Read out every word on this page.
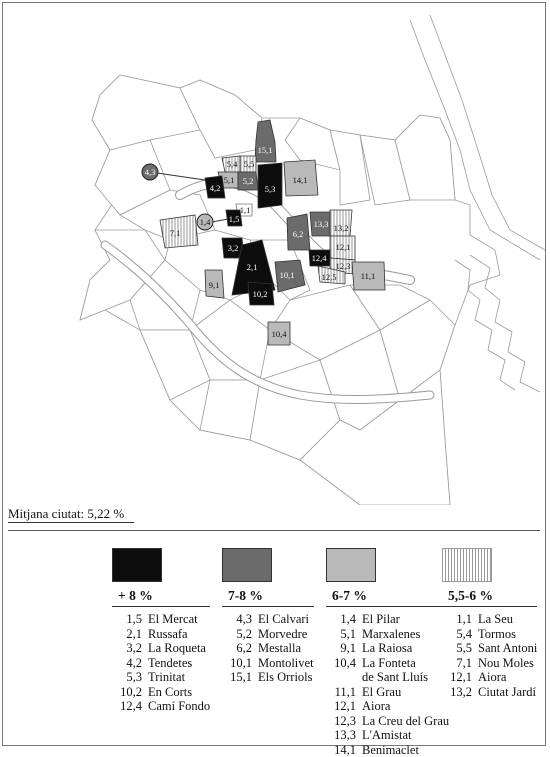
15,1
5,4 5,5
4,3
5,1 5,2
4,2	5,3
14,1
1,1
1,4 1,5
7,1	6,2
13,3 13,2
12,1
3,2
2,1
12,4
12,3
12,5
10,1	11,1
9,1
10,2
10,4
Mitjana ciutat: 5,22 %
+ 8 %
1,5 El Mercat
2,1 Russafa
3,2 La Roqueta
4,2 Tendetes
5,3 Trinitat
10,2 En Corts
12,4 Camí Fondo
7-8 %
4,3 El Calvari
5,2 Morvedre
6,2 Mestalla
10,1 Montolivet
15,1 Els Orriols
6-7 %
1,4 El Pilar
5,1 Marxalenes
9,1 La Raiosa
10,4 La Fonteta
de Sant Lluís
11,1 El Grau
12,1 Aiora
12,3 La Creu del Grau
13,3 L'Amistat
14,1 Benimaclet
5,5-6 %
1,1 La Seu
5,4 Tormos
5,5 Sant Antoni
7,1 Nou Moles
12,1 Aiora
13,2 Ciutat Jardí
